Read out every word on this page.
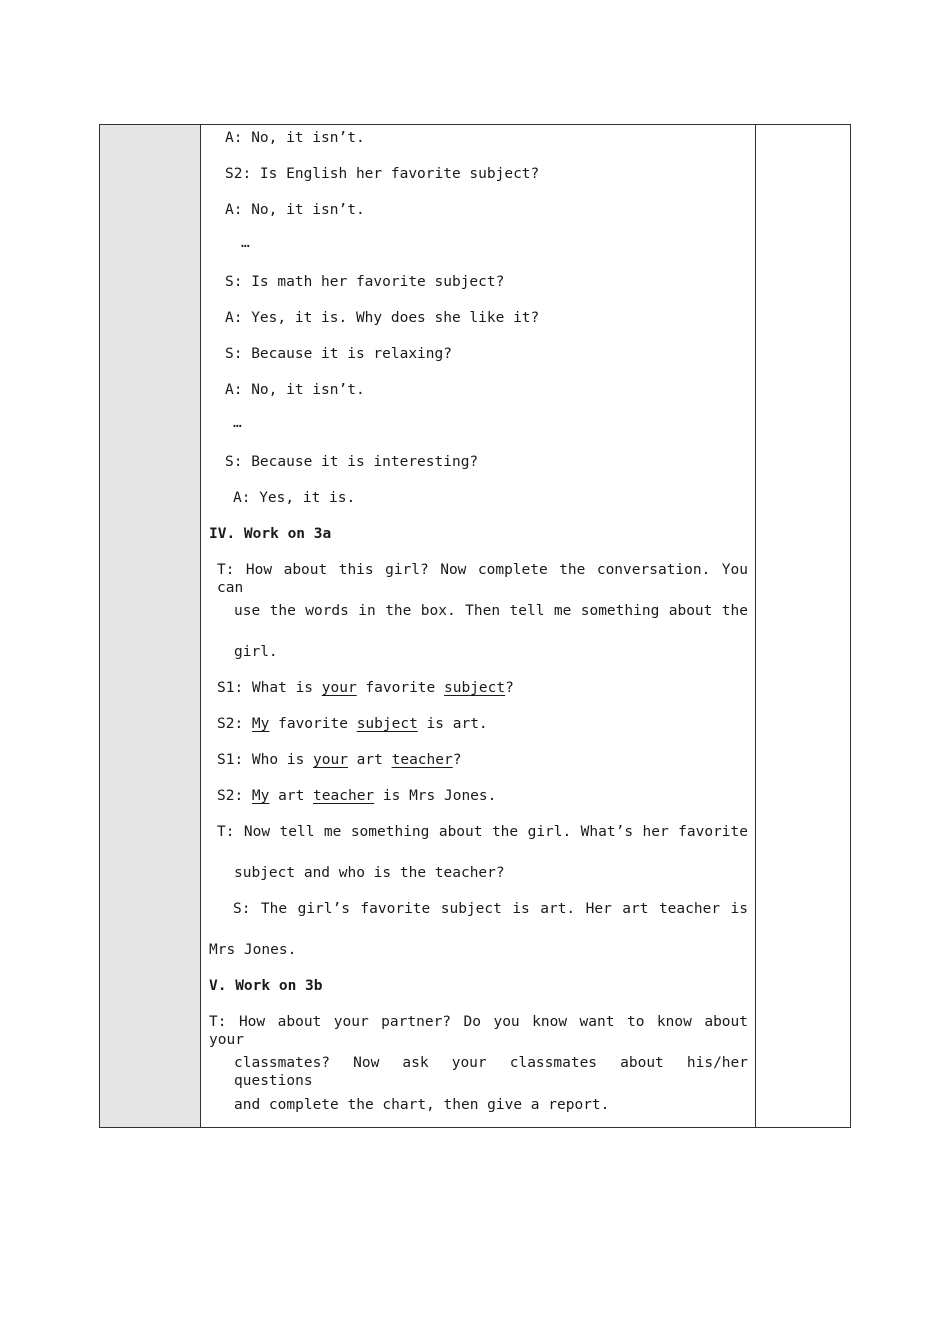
A: No, it isn’t.
S2: Is English her favorite subject?
A: No, it isn’t.
…
S: Is math her favorite subject?
A: Yes, it is. Why does she like it?
S: Because it is relaxing?
A: No, it isn’t.
…
S: Because it is interesting?
A: Yes, it is.
IV. Work on 3a
T: How about this girl? Now complete the conversation. You can
use the words in the box. Then tell me something about the
girl.
S1: What is your favorite subject?
S2: My favorite subject is art.
S1: Who is your art teacher?
S2: My art teacher is Mrs Jones.
T: Now tell me something about the girl. What’s her favorite
subject and who is the teacher?
S: The girl’s favorite subject is art. Her art teacher is
Mrs Jones.
V. Work on 3b
T: How about your partner? Do you know want to know about your
classmates? Now ask your classmates about his/her questions
and complete the chart, then give a report.
